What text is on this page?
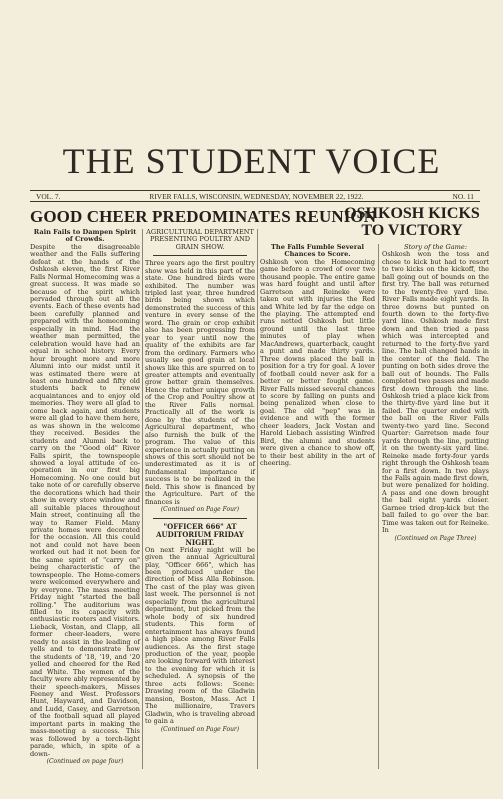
THE STUDENT VOICE
VOL. 7.	RIVER FALLS, WISCONSIN, WEDNESDAY, NOVEMBER 22, 1922.	NO. 11
GOOD CHEER PREDOMINATES REUNION
OSHKOSH KICKS TO VICTORY

Rain Fails to Dampen Spirit of Crowds.

Despite the disagreeable weather and the Falls suffering defeat at the hands of the Oshkosh eleven, the first River Falls Normal Homecoming was a great success. It was made so because of the spirit which pervaded through out all the events. Each of these events had been carefully planned and prepared with the homecoming especially in mind. Had the weather man permitted, the celebration would have had an equal in school history. Every hour brought more and more Alumni into our midst until it was estimated there were at least one hundred and fifty old students back to renew acquaintances and to enjoy old memories. They were all glad to come back again, and students were all glad to have them here, as was shown in the welcome they received. Besides the students and Alumni back to carry on the "Good old" River Falls spirit, the townspeople showed a loyal attitude of co-operation in our first big Homecoming. No one could but take note of or carefully observe the decorations which had their show in every store window and all suitable places throughout Main street, continuing all the way to Ramer Field. Many private homes were decorated for the occasion. All this could not and could not have been worked out had it not been for the same spirit of "carry on" being characteristic of the townspeople. The Home-comers were welcomed everywhere and by everyone. The mass meeting Friday night "started the ball rolling." The auditorium was filled to its capacity with enthusiastic rooters and visitors. Lieback, Vostan, and Clapp, all former cheer-leaders, were ready to assist in the leading of yells and to demonstrate how the students of '18, '19, and '20 yelled and cheered for the Red and White. The women of the faculty were ably represented by their speech-makers, Misses Feeney and West. Professors Hunt, Hayward, and Davidson, and Ludd, Casey, and Garretson of the football squad all played important parts in making the mass-meeting a success. This was followed by a torch-light parade, which, in spite of a down-

(Continued on page four)

AGRICULTURAL DEPARTMENT PRESENTING POULTRY AND GRAIN SHOW.

Three years ago the first poultry show was held in this part of the state. One hundred birds were exhibited. The number was tripled last year, three hundred birds being shown which demonstrated the success of this venture in every sense of the word. The grain or crop exhibit also has been progressing from year to year until now the quality of the exhibits are far from the ordinary. Farmers who usually see good grain at local shows like this are spurred on to greater attempts and eventually grow better grain themselves. Hence the rather unique growth of the Crop and Poultry show at the River Falls normal. Practically all of the work is done by the students of the Agricultural department, who also furnish the bulk of the program. The value of this experience in actually putting on shows of this sort should not be underestimated as it is of fundamental importance if success is to be realized in the field. This show is financed by the Agriculture. Part of the finances is

(Continued on Page Four)

"OFFICER 666" AT AUDITORIUM FRIDAY NIGHT.

On next Friday night will be given the annual Agricultural play, "Officer 666", which has been produced under the direction of Miss Alla Robinson. The cast of the play was given last week. The personnel is not especially from the agricultural department, but picked from the whole body of six hundred students. This form of entertainment has always found a high place among River Falls audiences. As the first stage production of the year, people are looking forward with interest to the evening for which it is scheduled. A synopsis of the three acts follows: Scene: Drawing room of the Gladwin mansion, Boston, Mass. Act I The millionaire, Travers Gladwin, who is traveling abroad to gain a

(Continued on Page Four)

The Falls Fumble Several Chances to Score.

Oshkosh won the Homecoming game before a crowd of over two thousand people. The entire game was hard fought and until after Garretson and Reineke were taken out with injuries the Red and White led by far the edge on the playing. The attempted end runs netted Oshkosh but little ground until the last three minutes of play when MacAndrews, quarterback, caught a punt and made thirty yards. Three downs placed the ball in position for a try for goal. A lover of football could never ask for a better or better fought game. River Falls missed several chances to score by falling on punts and being penalized when close to goal. The old "pep" was in evidence and with the former cheer leaders, Jack Vostan and Harold Liebach assisting Winfred Bird, the alumni and students were given a chance to show off, to their best ability in the art of cheering.

Story of the Game:

Oshkosh won the toss and chose to kick but had to resort to two kicks on the kickoff, the ball going out of bounds on the first try. The ball was returned to the twenty-five yard line. River Falls made eight yards. In three downs but punted on fourth down to the forty-five yard line. Oshkosh made first down and then tried a pass which was intercepted and returned to the forty-five yard line. The ball changed hands in the center of the field. The punting on both sides drove the ball out of bounds. The Falls completed two passes and made first down through the line. Oshkosh tried a place kick from the thirty-five yard line but it failed. The quarter ended with the ball on the River Falls twenty-two yard line. Second Quarter: Garretson made four yards through the line, putting it on the twenty-six yard line. Reineke made forty-four yards right through the Oshkosh team for a first down. In two plays the Falls again made first down, but were penalized for holding. A pass and one down brought the ball eight yards closer. Garnee tried drop-kick but the ball failed to go over the bar. Time was taken out for Reineke. In

(Continued on Page Three)
